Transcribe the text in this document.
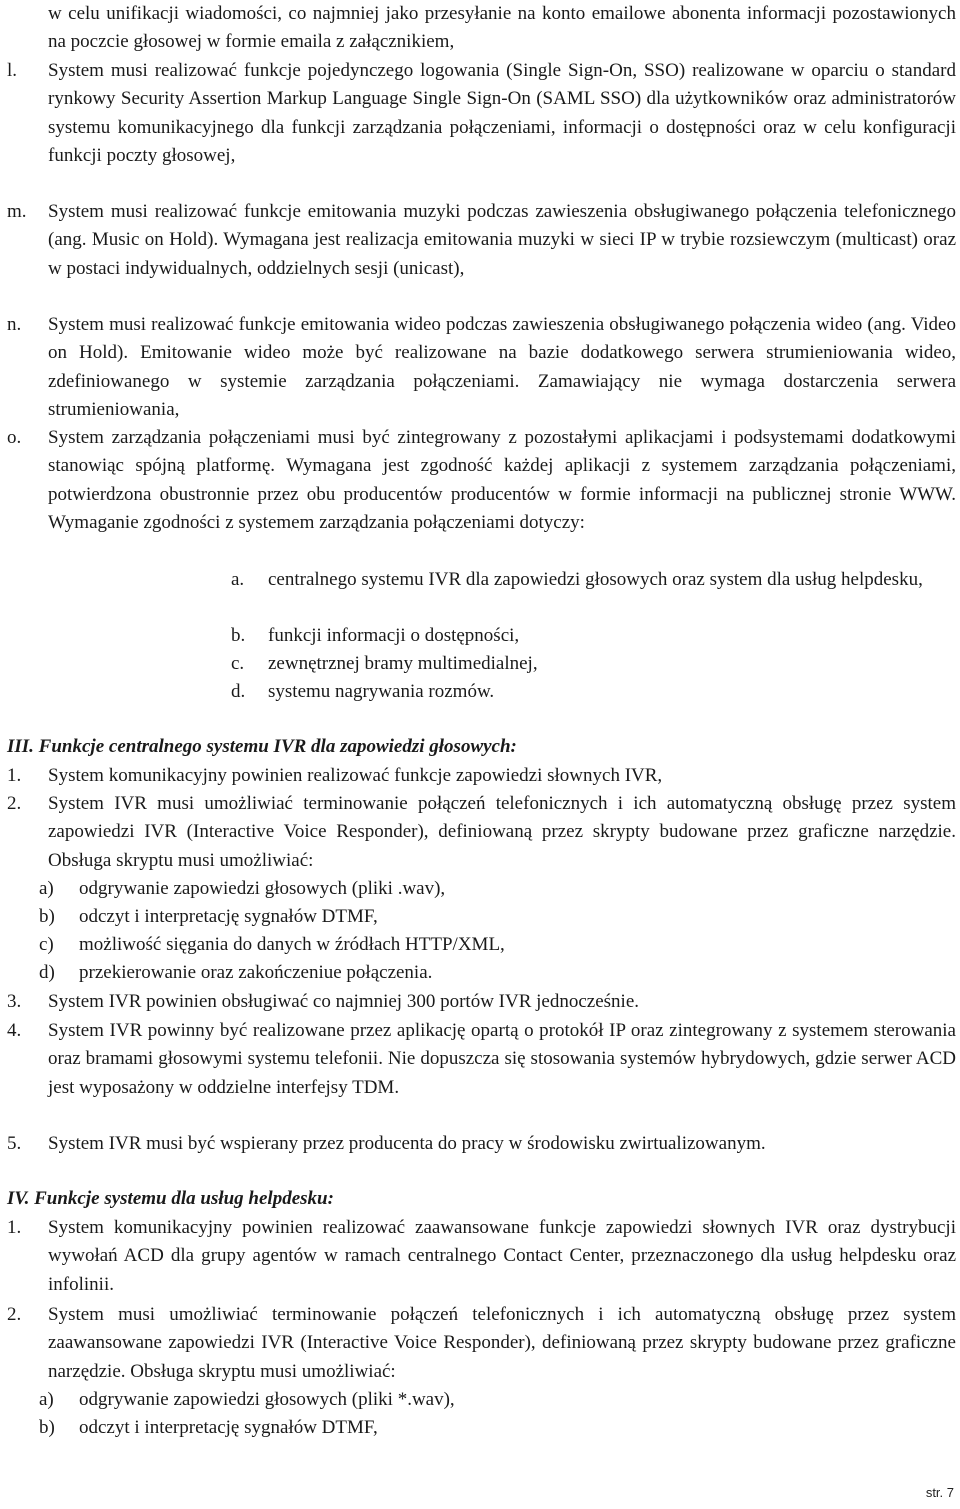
w celu unifikacji wiadomości, co najmniej jako przesyłanie na konto emailowe abonenta informacji pozostawionych na poczcie głosowej w formie emaila z załącznikiem,
l. System musi realizować funkcje pojedynczego logowania (Single Sign-On, SSO) realizowane w oparciu o standard rynkowy Security Assertion Markup Language Single Sign-On (SAML SSO) dla użytkowników oraz administratorów systemu komunikacyjnego dla funkcji zarządzania połączeniami, informacji o dostępności oraz w celu konfiguracji funkcji poczty głosowej,
m. System musi realizować funkcje emitowania muzyki podczas zawieszenia obsługiwanego połączenia telefonicznego (ang. Music on Hold). Wymagana jest realizacja emitowania muzyki w sieci IP w trybie rozsiewczym (multicast) oraz w postaci indywidualnych, oddzielnych sesji (unicast),
n. System musi realizować funkcje emitowania wideo podczas zawieszenia obsługiwanego połączenia wideo (ang. Video on Hold). Emitowanie wideo może być realizowane na bazie dodatkowego serwera strumieniowania wideo, zdefiniowanego w systemie zarządzania połączeniami. Zamawiający nie wymaga dostarczenia serwera strumieniowania,
o. System zarządzania połączeniami musi być zintegrowany z pozostałymi aplikacjami i podsystemami dodatkowymi stanowiąc spójną platformę. Wymagana jest zgodność każdej aplikacji z systemem zarządzania połączeniami, potwierdzona obustronnie przez obu producentów producentów w formie informacji na publicznej stronie WWW. Wymaganie zgodności z systemem zarządzania połączeniami dotyczy:
a. centralnego systemu IVR dla zapowiedzi głosowych oraz system dla usług helpdesku,
b. funkcji informacji o dostępności,
c. zewnętrznej bramy multimedialnej,
d. systemu nagrywania rozmów.
III. Funkcje centralnego systemu IVR dla zapowiedzi głosowych:
1. System komunikacyjny powinien realizować funkcje zapowiedzi słownych IVR,
2. System IVR musi umożliwiać terminowanie połączeń telefonicznych i ich automatyczną obsługę przez system zapowiedzi IVR (Interactive Voice Responder), definiowaną przez skrypty budowane przez graficzne narzędzie. Obsługa skryptu musi umożliwiać:
a) odgrywanie zapowiedzi głosowych (pliki .wav),
b) odczyt i interpretację sygnałów DTMF,
c) możliwość sięgania do danych w źródłach HTTP/XML,
d) przekierowanie oraz zakończeniue połączenia.
3. System IVR powinien obsługiwać co najmniej 300 portów IVR jednocześnie.
4. System IVR powinny być realizowane przez aplikację opartą o protokół IP oraz zintegrowany z systemem sterowania oraz bramami głosowymi systemu telefonii. Nie dopuszcza się stosowania systemów hybrydowych, gdzie serwer ACD jest wyposażony w oddzielne interfejsy TDM.
5. System IVR musi być wspierany przez producenta do pracy w środowisku zwirtualizowanym.
IV. Funkcje systemu dla usług helpdesku:
1. System komunikacyjny powinien realizować zaawansowane funkcje zapowiedzi słownych IVR oraz dystrybucji wywołań ACD dla grupy agentów w ramach centralnego Contact Center, przeznaczonego dla usług helpdesku oraz infolinii.
2. System musi umożliwiać terminowanie połączeń telefonicznych i ich automatyczną obsługę przez system zaawansowane zapowiedzi IVR (Interactive Voice Responder), definiowaną przez skrypty budowane przez graficzne narzędzie. Obsługa skryptu musi umożliwiać:
a) odgrywanie zapowiedzi głosowych (pliki *.wav),
b) odczyt i interpretację sygnałów DTMF,
str. 7
